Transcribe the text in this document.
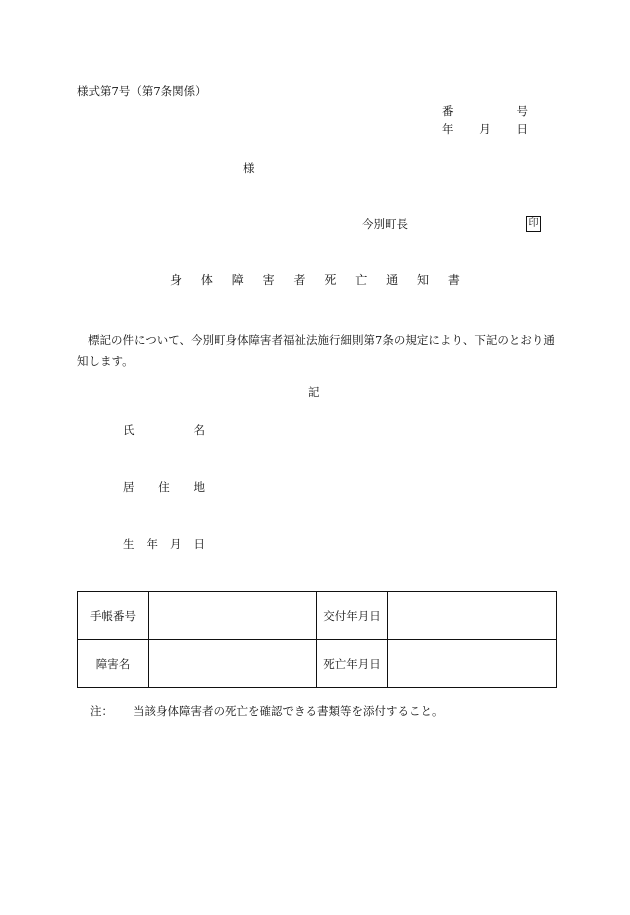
様式第7号（第7条関係）
番	号
年 月 日
様
今別町長	印
身 体 障 害 者 死 亡 通 知 書
標記の件について、今別町身体障害者福祉法施行細則第7条の規定により、下記のとおり通知します。
記
氏	名
居 住 地
生 年 月 日
手帳番号		交付年月日	
障害名		死亡年月日	
注： 当該身体障害者の死亡を確認できる書類等を添付すること。
